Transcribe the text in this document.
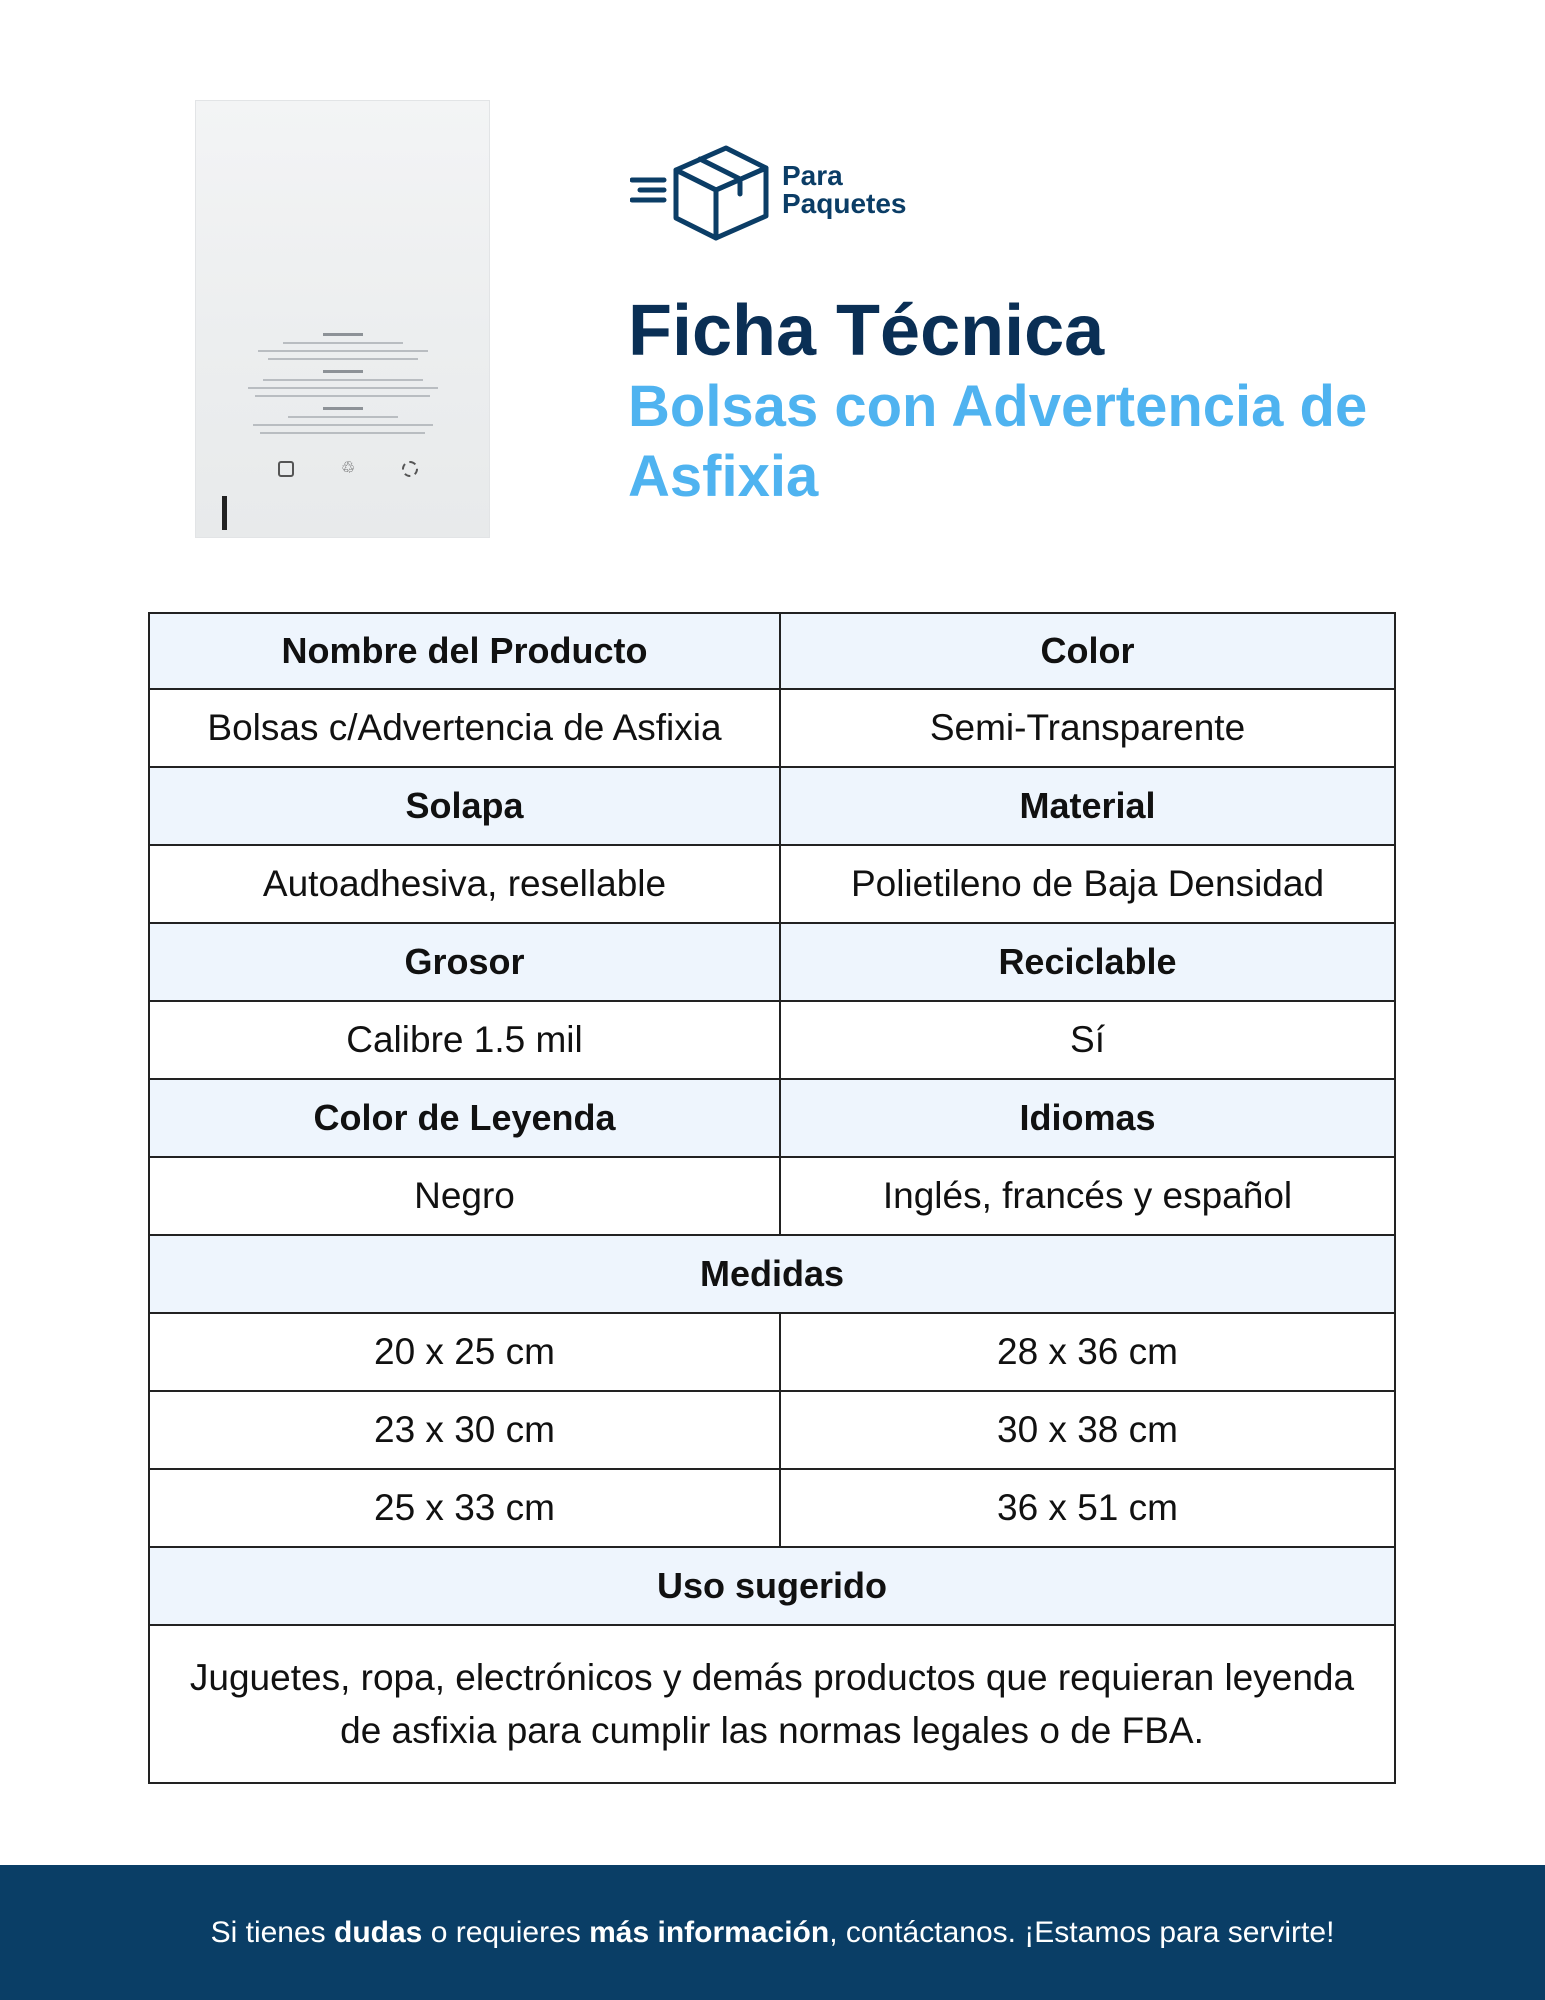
♲
Para
Paquetes
Ficha Técnica
Bolsas con Advertencia de Asfixia
Nombre del Producto	Color
Bolsas c/Advertencia de Asfixia	Semi-Transparente
Solapa	Material
Autoadhesiva, resellable	Polietileno de Baja Densidad
Grosor	Reciclable
Calibre 1.5 mil	Sí
Color de Leyenda	Idiomas
Negro	Inglés, francés y español
Medidas
20 x 25 cm	28 x 36 cm
23 x 30 cm	30 x 38 cm
25 x 33 cm	36 x 51 cm
Uso sugerido
Juguetes, ropa, electrónicos y demás productos que requieran leyenda de asfixia para cumplir las normas legales o de FBA.
Si tienes dudas o requieres más información, contáctanos. ¡Estamos para servirte!
